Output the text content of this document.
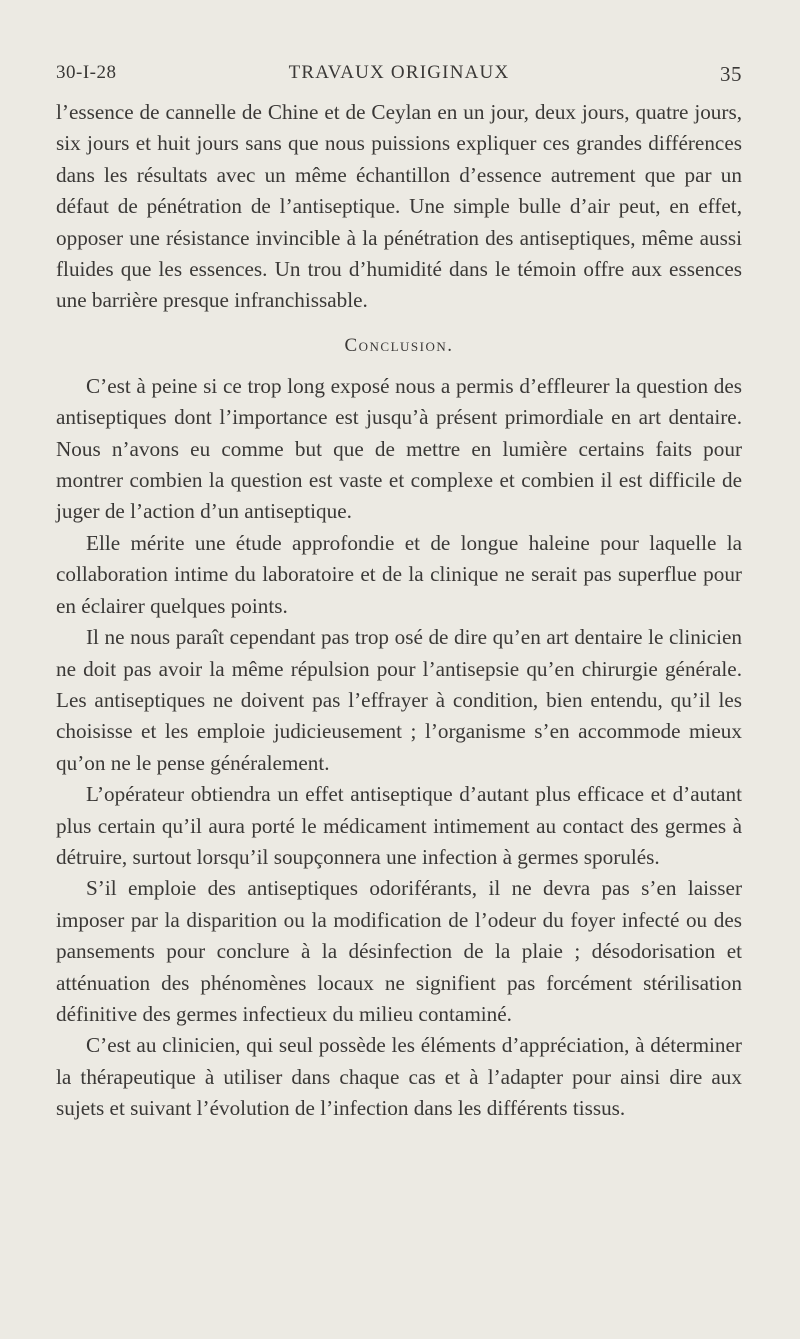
30-I-28	TRAVAUX ORIGINAUX	35

l’essence de cannelle de Chine et de Ceylan en un jour, deux jours, quatre jours, six jours et huit jours sans que nous puissions expliquer ces grandes différences dans les résultats avec un même échantillon d’essence autrement que par un défaut de pénétration de l’antiseptique. Une simple bulle d’air peut, en effet, opposer une résistance invincible à la pénétration des antiseptiques, même aussi fluides que les essences. Un trou d’humidité dans le témoin offre aux essences une barrière presque infranchissable.

Conclusion.

C’est à peine si ce trop long exposé nous a permis d’effleurer la question des antiseptiques dont l’importance est jusqu’à présent primordiale en art dentaire. Nous n’avons eu comme but que de mettre en lumière certains faits pour montrer combien la question est vaste et complexe et combien il est difficile de juger de l’action d’un antiseptique.

Elle mérite une étude approfondie et de longue haleine pour laquelle la collaboration intime du laboratoire et de la clinique ne serait pas superflue pour en éclairer quelques points.

Il ne nous paraît cependant pas trop osé de dire qu’en art dentaire le clinicien ne doit pas avoir la même répulsion pour l’antisepsie qu’en chirurgie générale. Les antiseptiques ne doivent pas l’effrayer à condition, bien entendu, qu’il les choisisse et les emploie judicieusement ; l’organisme s’en accommode mieux qu’on ne le pense généralement.

L’opérateur obtiendra un effet antiseptique d’autant plus efficace et d’autant plus certain qu’il aura porté le médicament intimement au contact des germes à détruire, surtout lorsqu’il soupçonnera une infection à germes sporulés.

S’il emploie des antiseptiques odoriférants, il ne devra pas s’en laisser imposer par la disparition ou la modification de l’odeur du foyer infecté ou des pansements pour conclure à la désinfection de la plaie ; désodorisation et atténuation des phénomènes locaux ne signifient pas forcément stérilisation définitive des germes infectieux du milieu contaminé.

C’est au clinicien, qui seul possède les éléments d’appréciation, à déterminer la thérapeutique à utiliser dans chaque cas et à l’adapter pour ainsi dire aux sujets et suivant l’évolution de l’infection dans les différents tissus.
